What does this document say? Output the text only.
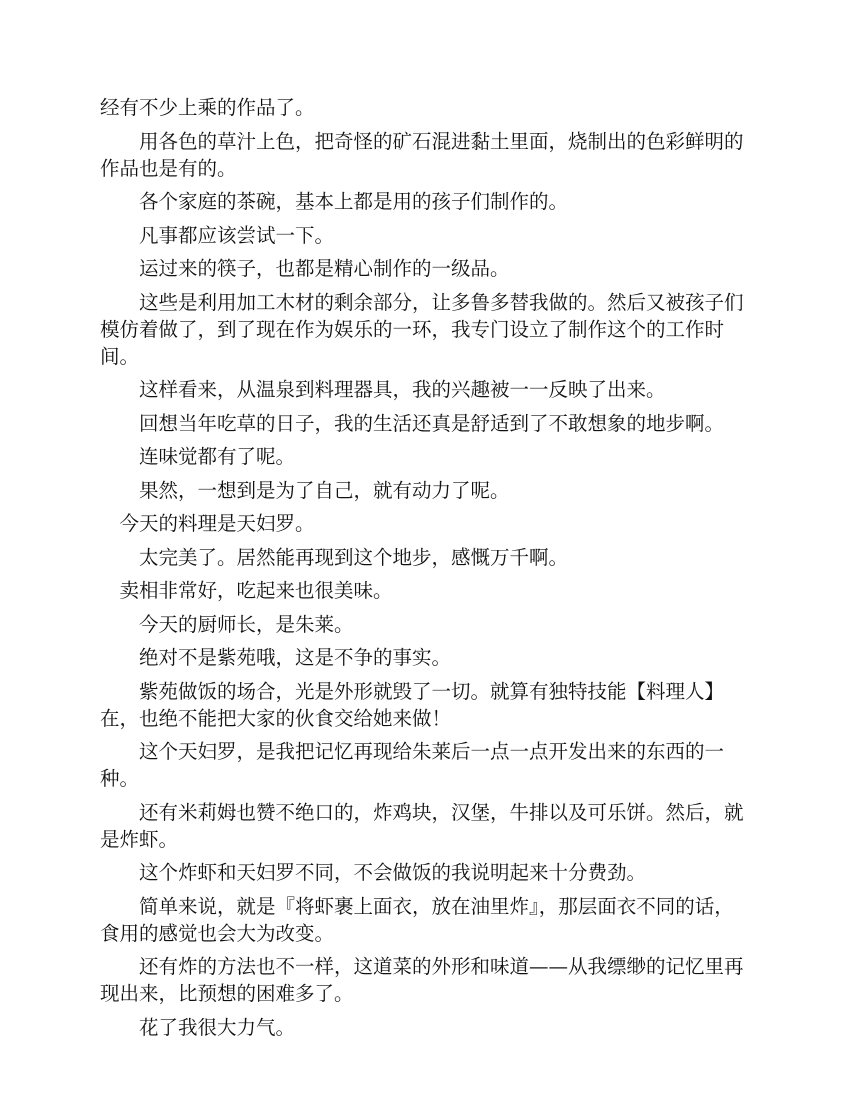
经有不少上乘的作品了。

用各色的草汁上色，把奇怪的矿石混进黏土里面，烧制出的色彩鲜明的作品也是有的。

各个家庭的茶碗，基本上都是用的孩子们制作的。

凡事都应该尝试一下。

运过来的筷子，也都是精心制作的一级品。

这些是利用加工木材的剩余部分，让多鲁多替我做的。然后又被孩子们模仿着做了，到了现在作为娱乐的一环，我专门设立了制作这个的工作时间。

这样看来，从温泉到料理器具，我的兴趣被一一反映了出来。

回想当年吃草的日子，我的生活还真是舒适到了不敢想象的地步啊。

连味觉都有了呢。

果然，一想到是为了自己，就有动力了呢。

今天的料理是天妇罗。

太完美了。居然能再现到这个地步，感慨万千啊。

卖相非常好，吃起来也很美味。

今天的厨师长，是朱莱。

绝对不是紫苑哦，这是不争的事实。

紫苑做饭的场合，光是外形就毁了一切。就算有独特技能【料理人】在，也绝不能把大家的伙食交给她来做！

这个天妇罗，是我把记忆再现给朱莱后一点一点开发出来的东西的一种。

还有米莉姆也赞不绝口的，炸鸡块，汉堡，牛排以及可乐饼。然后，就是炸虾。

这个炸虾和天妇罗不同，不会做饭的我说明起来十分费劲。

简单来说，就是『将虾裹上面衣，放在油里炸』，那层面衣不同的话，食用的感觉也会大为改变。

还有炸的方法也不一样，这道菜的外形和味道——从我缥缈的记忆里再现出来，比预想的困难多了。

花了我很大力气。
